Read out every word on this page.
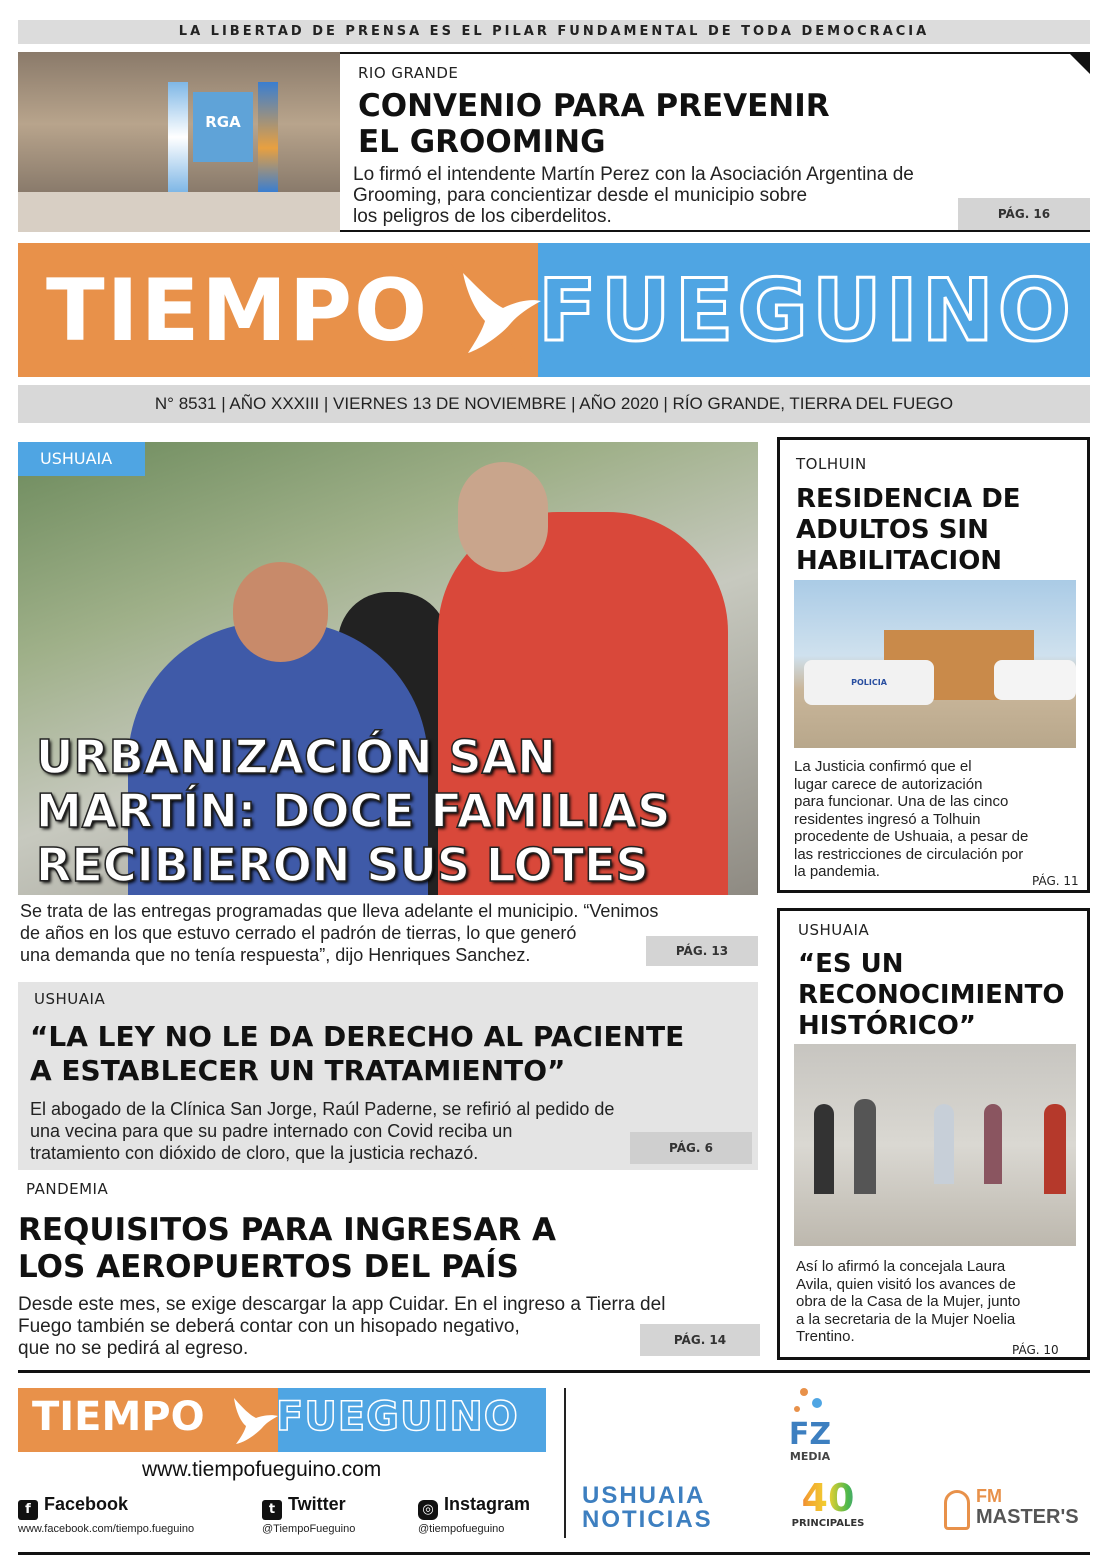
LA LIBERTAD DE PRENSA ES EL PILAR FUNDAMENTAL DE TODA DEMOCRACIA
RGA
RIO GRANDE
CONVENIO PARA PREVENIR
EL GROOMING
Lo firmó el intendente Martín Perez con la Asociación Argentina de
Grooming, para concientizar desde el municipio sobre
los peligros de los ciberdelitos.	PÁG. 16
TIEMPO FUEGUINO
N° 8531 | AÑO XXXIII | VIERNES 13 DE NOVIEMBRE | AÑO 2020 | RÍO GRANDE, TIERRA DEL FUEGO
USHUAIA
URBANIZACIÓN SAN
MARTÍN: DOCE FAMILIAS
RECIBIERON SUS LOTES
Se trata de las entregas programadas que lleva adelante el municipio. “Venimos
de años en los que estuvo cerrado el padrón de tierras, lo que generó
una demanda que no tenía respuesta”, dijo Henriques Sanchez.	PÁG. 13
USHUAIA
“LA LEY NO LE DA DERECHO AL PACIENTE
A ESTABLECER UN TRATAMIENTO”
El abogado de la Clínica San Jorge, Raúl Paderne, se refirió al pedido de
una vecina para que su padre internado con Covid reciba un
tratamiento con dióxido de cloro, que la justicia rechazó.	PÁG. 6
PANDEMIA
REQUISITOS PARA INGRESAR A
LOS AEROPUERTOS DEL PAÍS
Desde este mes, se exige descargar la app Cuidar. En el ingreso a Tierra del
Fuego también se deberá contar con un hisopado negativo,
que no se pedirá al egreso.	PÁG. 14
TOLHUIN
RESIDENCIA DE
ADULTOS SIN
HABILITACION
POLICIA
La Justicia confirmó que el
lugar carece de autorización
para funcionar. Una de las cinco
residentes ingresó a Tolhuin
procedente de Ushuaia, a pesar de
las restricciones de circulación por
la pandemia.
PÁG. 11
USHUAIA
“ES UN
RECONOCIMIENTO
HISTÓRICO”
Así lo afirmó la concejala Laura
Avila, quien visitó los avances de
obra de la Casa de la Mujer, junto
a la secretaria de la Mujer Noelia
Trentino.
PÁG. 10
TIEMPO FUEGUINO
www.tiempofueguino.com
f Facebook
www.facebook.com/tiempo.fueguino
t Twitter
@TiempoFueguino
◎ Instagram
@tiempofueguino
USHUAIA
NOTICIAS
FZ
MEDIA
40
PRINCIPALES
FM
MASTER'S
